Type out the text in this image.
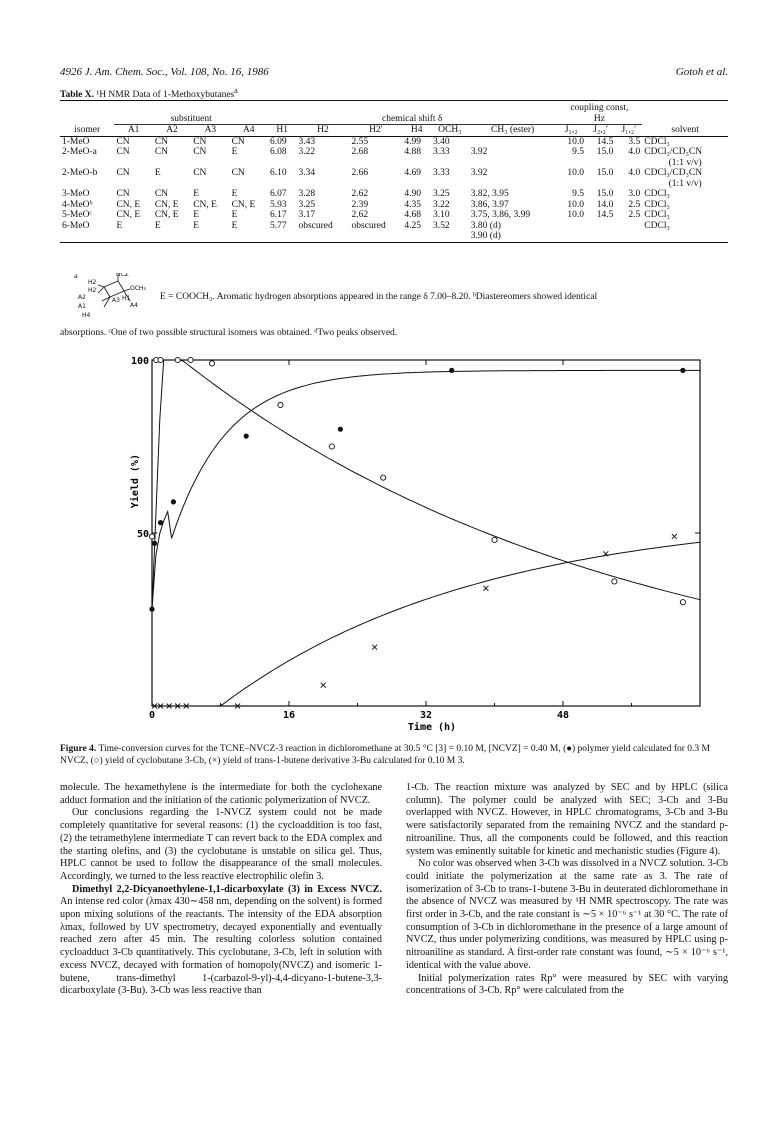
4926 J. Am. Chem. Soc., Vol. 108, No. 16, 1986	Gotoh et al.
Table X. ¹H NMR Data of 1-Methoxybutanes$^a$
											coupling const,			
	substituent				chemical shift δ						Hz			
isomer	A1	A2	A3	A4	H1	H2	H2′	H4	OCH₃	CH₃ (ester)	J₁,₂	J₂,₂′	J₁,₂′	solvent
1-MeO	CN	CN	CN	CN	6.09	3.43	2.55	4.99	3.40		10.0	14.5	3.5	CDCl₃
2-MeO-a	CN	CN	CN	E	6.08	3.22	2.68	4.88	3.33	3.92	9.5	15.0	4.0	CDCl₃/CD₃CN
														(1:1 v/v)
2-MeO-b	CN	E	CN	CN	6.10	3.34	2.66	4.69	3.33	3.92	10.0	15.0	4.0	CDCl₃/CD₃CN
														(1:1 v/v)
3-MeO	CN	CN	E	E	6.07	3.28	2.62	4.90	3.25	3.82, 3.95	9.5	15.0	3.0	CDCl₃
4-MeOᵇ	CN, E	CN, E	CN, E	CN, E	5.93	3.25	2.39	4.35	3.22	3.86, 3.97	10.0	14.0	2.5	CDCl₃
5-MeOᶜ	CN, E	CN, E	E	E	6.17	3.17	2.62	4.68	3.10	3.75, 3.86, 3.99	10.0	14.5	2.5	CDCl₃
6-MeO	E	E	E	E	5.77	obscured	obscured	4.25	3.52	3.80 (d)				CDCl₃
										3.90 (d)				
a	NCZ
OCH₃
H2
H2′
A2
A1
A3 H1
A4
H4
E = COOCH₃. Aromatic hydrogen absorptions appeared in the range δ 7.00–8.20. ᵇDiastereomers showed identical
absorptions. ᶜOne of two possible structural isomers was obtained. ᵈTwo peaks observed.
0	16	32	48
50
100
Time (h)
Yield (%)
Figure 4. Time-conversion curves for the TCNE–NVCZ-3 reaction in dichloromethane at 30.5 °C [3] = 0.10 M, [NCVZ] = 0.40 M, (●) polymer yield calculated for 0.3 M NVCZ, (○) yield of cyclobutane 3-Cb, (×) yield of trans-1-butene derivative 3-Bu calculated for 0.10 M 3.

molecule. The hexamethylene is the intermediate for both the cyclohexane adduct formation and the initiation of the cationic polymerization of NVCZ.

Our conclusions regarding the 1-NVCZ system could not be made completely quantitative for several reasons: (1) the cycloaddition is too fast, (2) the tetramethylene intermediate T can revert back to the EDA complex and the starting olefins, and (3) the cyclobutane is unstable on silica gel. Thus, HPLC cannot be used to follow the disappearance of the small molecules. Accordingly, we turned to the less reactive electrophilic olefin 3.

Dimethyl 2,2-Dicyanoethylene-1,1-dicarboxylate (3) in Excess NVCZ. An intense red color (λmax 430∼458 nm, depending on the solvent) is formed upon mixing solutions of the reactants. The intensity of the EDA absorption λmax, followed by UV spectrometry, decayed exponentially and eventually reached zero after 45 min. The resulting colorless solution contained cycloadduct 3-Cb quantitatively. This cyclobutane, 3-Cb, left in solution with excess NVCZ, decayed with formation of homopoly(NVCZ) and isomeric 1-butene, trans-dimethyl 1-(carbazol-9-yl)-4,4-dicyano-1-butene-3,3-dicarboxylate (3-Bu). 3-Cb was less reactive than

1-Cb. The reaction mixture was analyzed by SEC and by HPLC (silica column). The polymer could be analyzed with SEC; 3-Cb and 3-Bu overlapped with NVCZ. However, in HPLC chromatograms, 3-Cb and 3-Bu were satisfactorily separated from the remaining NVCZ and the standard p-nitroaniline. Thus, all the components could be followed, and this reaction system was eminently suitable for kinetic and mechanistic studies (Figure 4).

No color was observed when 3-Cb was dissolved in a NVCZ solution. 3-Cb could initiate the polymerization at the same rate as 3. The rate of isomerization of 3-Cb to trans-1-butene 3-Bu in deuterated dichloromethane in the absence of NVCZ was measured by ¹H NMR spectroscopy. The rate was first order in 3-Cb, and the rate constant is ∼5 × 10⁻⁶ s⁻¹ at 30 °C. The rate of consumption of 3-Cb in dichloromethane in the presence of a large amount of NVCZ, thus under polymerizing conditions, was measured by HPLC using p-nitroaniline as standard. A first-order rate constant was found, ∼5 × 10⁻⁶ s⁻¹, identical with the value above.

Initial polymerization rates Rp° were measured by SEC with varying concentrations of 3-Cb. Rp° were calculated from the
